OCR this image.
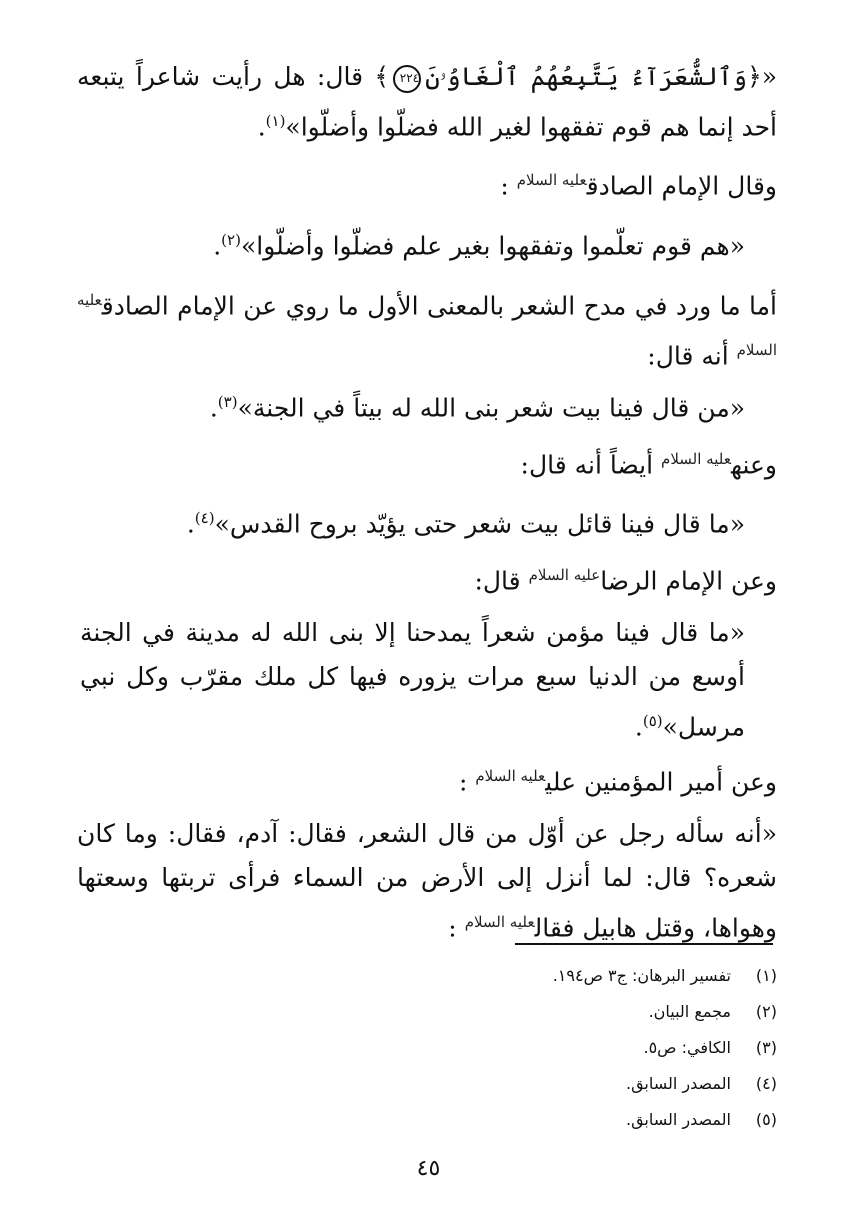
«﴿وَٱلشُّعَرَآءُ يَتَّبِعُهُمُ ٱلْغَاوُۥنَ٢٢٤﴾ قال: هل رأيت شاعراً يتبعه أحد إنما هم قوم تفقهوا لغير الله فضلّوا وأضلّوا»$^{(١)}$.
وقال الإمام الصادق$^{عليه السلام}$ :
«هم قوم تعلّموا وتفقهوا بغير علم فضلّوا وأضلّوا»$^{(٢)}$.
أما ما ورد في مدح الشعر بالمعنى الأول ما روي عن الإمام الصادق$^{عليه السلام}$ أنه قال:
«من قال فينا بيت شعر بنى الله له بيتاً في الجنة»$^{(٣)}$.
وعنه$^{عليه السلام}$ أيضاً أنه قال:
«ما قال فينا قائل بيت شعر حتى يؤيّد بروح القدس»$^{(٤)}$.
وعن الإمام الرضا$^{عليه السلام}$ قال:
«ما قال فينا مؤمن شعراً يمدحنا إلا بنى الله له مدينة في الجنة أوسع من الدنيا سبع مرات يزوره فيها كل ملك مقرّب وكل نبي مرسل»$^{(٥)}$.
وعن أمير المؤمنين علي$^{عليه السلام}$ :
«أنه سأله رجل عن أوّل من قال الشعر، فقال: آدم، فقال: وما كان شعره؟ قال: لما أنزل إلى الأرض من السماء فرأى تربتها وسعتها وهواها، وقتل هابيل فقال$^{عليه السلام}$ :
(١)
تفسير البرهان: ج٣ ص١٩٤.
(٢)
مجمع البيان.
(٣)
الكافي: ص٥.
(٤)
المصدر السابق.
(٥)
المصدر السابق.
٤٥
